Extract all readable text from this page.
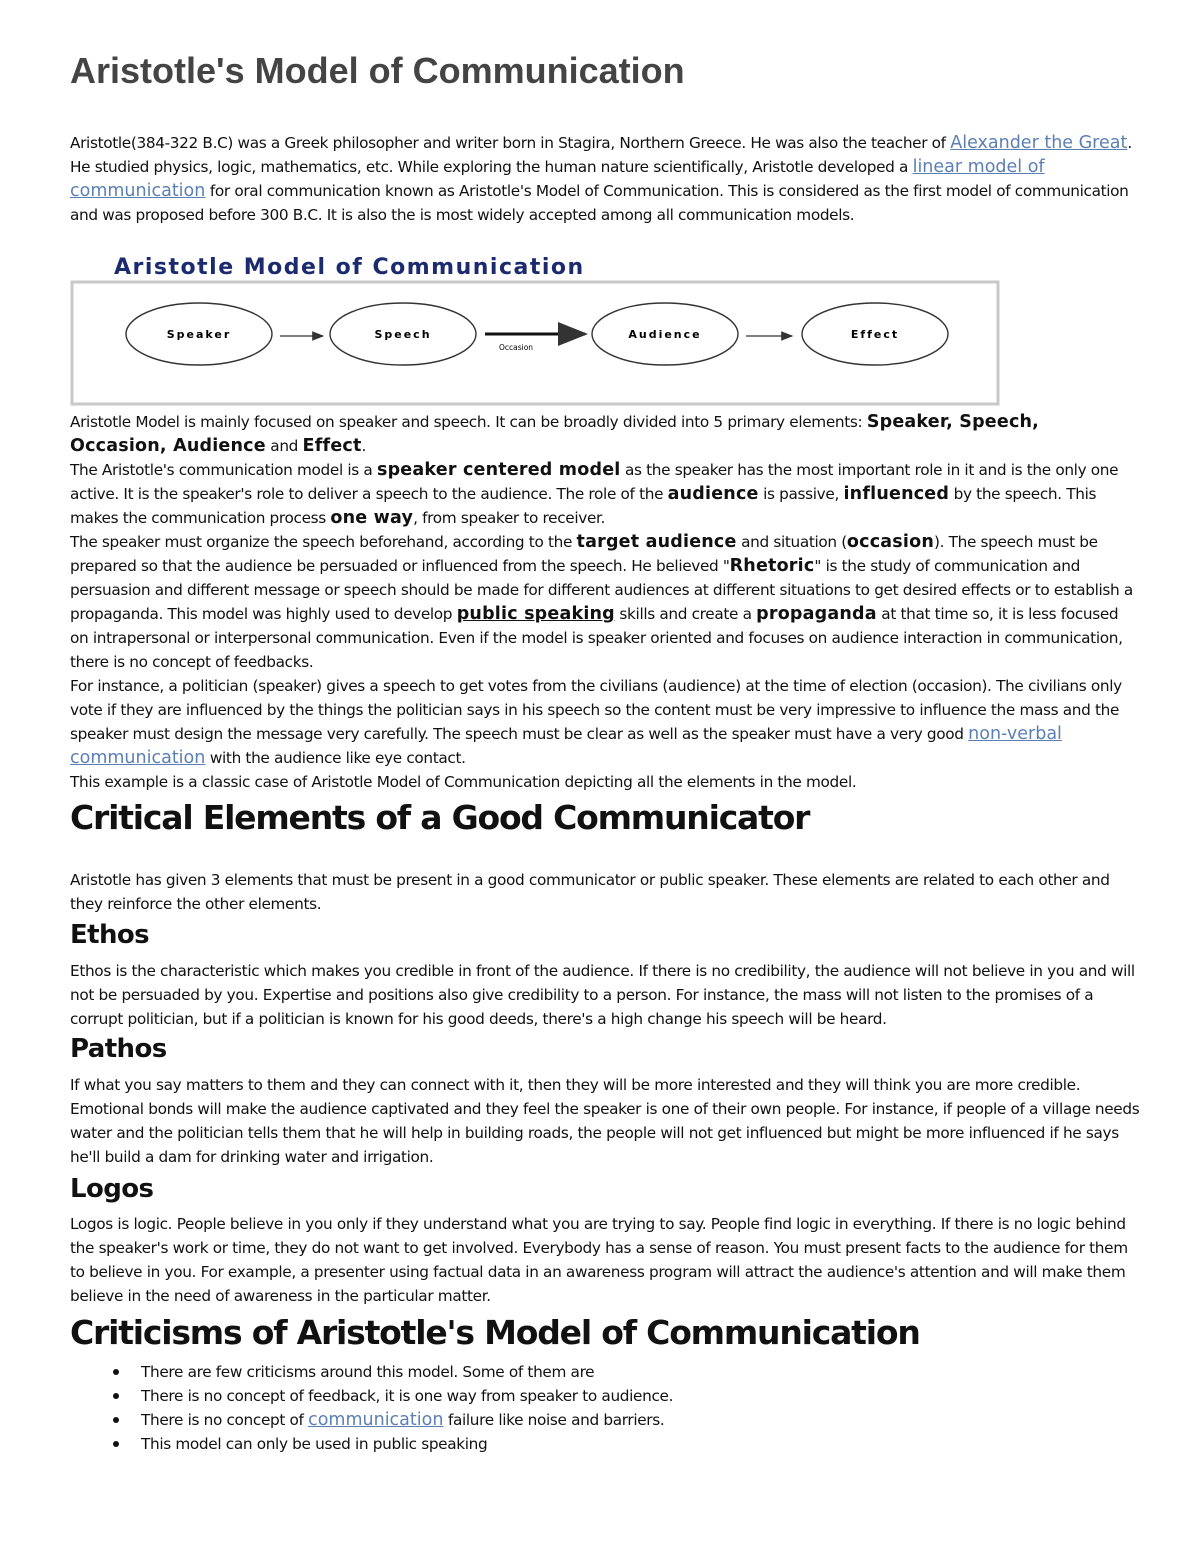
Aristotle's Model of Communication

Aristotle(384-322 B.C) was a Greek philosopher and writer born in Stagira, Northern Greece. He was also the teacher of Alexander the Great. He studied physics, logic, mathematics, etc. While exploring the human nature scientifically, Aristotle developed a linear model of communication for oral communication known as Aristotle's Model of Communication. This is considered as the first model of communication and was proposed before 300 B.C. It is also the is most widely accepted among all communication models.

Aristotle Model is mainly focused on speaker and speech. It can be broadly divided into 5 primary elements: Speaker, Speech, Occasion, Audience and Effect.

The Aristotle's communication model is a speaker centered model as the speaker has the most important role in it and is the only one active. It is the speaker's role to deliver a speech to the audience. The role of the audience is passive, influenced by the speech. This makes the communication process one way, from speaker to receiver.

The speaker must organize the speech beforehand, according to the target audience and situation (occasion). The speech must be prepared so that the audience be persuaded or influenced from the speech. He believed "Rhetoric" is the study of communication and persuasion and different message or speech should be made for different audiences at different situations to get desired effects or to establish a propaganda. This model was highly used to develop public speaking skills and create a propaganda at that time so, it is less focused on intrapersonal or interpersonal communication. Even if the model is speaker oriented and focuses on audience interaction in communication, there is no concept of feedbacks.

For instance, a politician (speaker) gives a speech to get votes from the civilians (audience) at the time of election (occasion). The civilians only vote if they are influenced by the things the politician says in his speech so the content must be very impressive to influence the mass and the speaker must design the message very carefully. The speech must be clear as well as the speaker must have a very good non-verbal communication with the audience like eye contact.

This example is a classic case of Aristotle Model of Communication depicting all the elements in the model.

Critical Elements of a Good Communicator

Aristotle has given 3 elements that must be present in a good communicator or public speaker. These elements are related to each other and they reinforce the other elements.

Ethos

Ethos is the characteristic which makes you credible in front of the audience. If there is no credibility, the audience will not believe in you and will not be persuaded by you. Expertise and positions also give credibility to a person. For instance, the mass will not listen to the promises of a corrupt politician, but if a politician is known for his good deeds, there's a high change his speech will be heard.

Pathos

If what you say matters to them and they can connect with it, then they will be more interested and they will think you are more credible. Emotional bonds will make the audience captivated and they feel the speaker is one of their own people. For instance, if people of a village needs water and the politician tells them that he will help in building roads, the people will not get influenced but might be more influenced if he says he'll build a dam for drinking water and irrigation.

Logos

Logos is logic. People believe in you only if they understand what you are trying to say. People find logic in everything. If there is no logic behind the speaker's work or time, they do not want to get involved. Everybody has a sense of reason. You must present facts to the audience for them to believe in you. For example, a presenter using factual data in an awareness program will attract the audience's attention and will make them believe in the need of awareness in the particular matter.

Criticisms of Aristotle's Model of Communication
There are few criticisms around this model. Some of them are
There is no concept of feedback, it is one way from speaker to audience.
There is no concept of communication failure like noise and barriers.
This model can only be used in public speaking
Aristotle Model of Communication
Speaker	Speech	Audience	Effect
Occasion
